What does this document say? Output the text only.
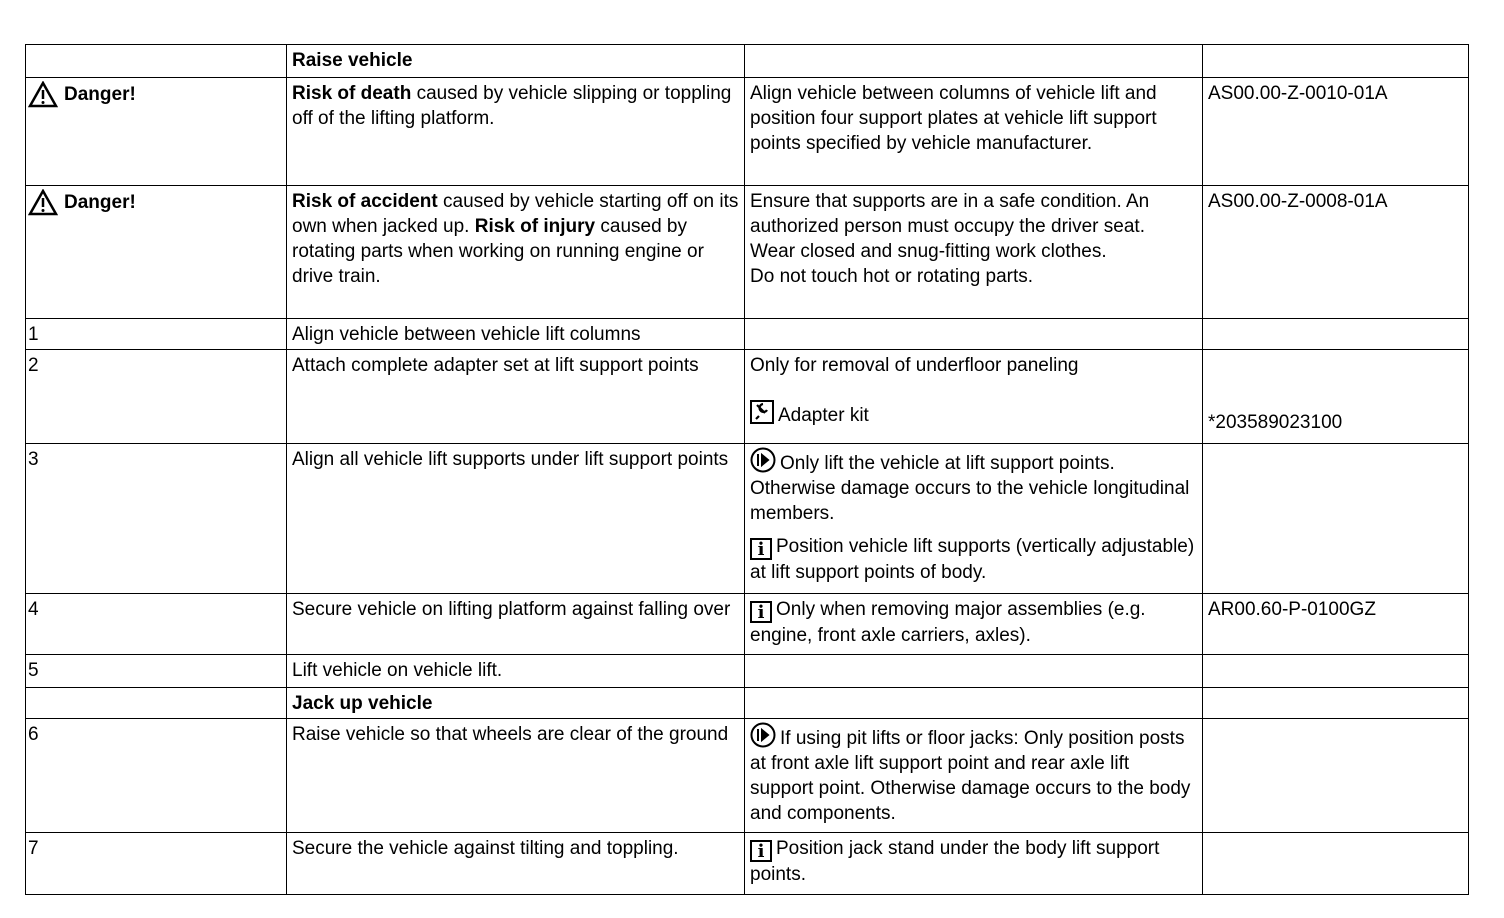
	Raise vehicle		

Danger!	Risk of death caused by vehicle slipping or toppling off of the lifting platform.	Align vehicle between columns of vehicle lift and position four support plates at vehicle lift support points specified by vehicle manufacturer.	AS00.00-Z-0010-01A

Danger!	Risk of accident caused by vehicle starting off on its own when jacked up. Risk of injury caused by rotating parts when working on running engine or drive train.	Ensure that supports are in a safe condition. An authorized person must occupy the driver seat.
Wear closed and snug-fitting work clothes.
Do not touch hot or rotating parts.	AS00.00-Z-0008-01A
1	Align vehicle between vehicle lift columns		
2	Attach complete adapter set at lift support points	Only for removal of underfloor paneling
Adapter kit	*203589023100
3	Align all vehicle lift supports under lift support points	Only lift the vehicle at lift support points. Otherwise damage occurs to the vehicle longitudinal members.
i Position vehicle lift supports (vertically adjustable) at lift support points of body.	

4	Secure vehicle on lifting platform against falling over	i Only when removing major assemblies (e.g. engine, front axle carriers, axles).	AR00.60-P-0100GZ
5	Lift vehicle on vehicle lift.		
	Jack up vehicle		
6	Raise vehicle so that wheels are clear of the ground	If using pit lifts or floor jacks: Only position posts at front axle lift support point and rear axle lift support point. Otherwise damage occurs to the body and components.	
7	Secure the vehicle against tilting and toppling.	i Position jack stand under the body lift support points.	
